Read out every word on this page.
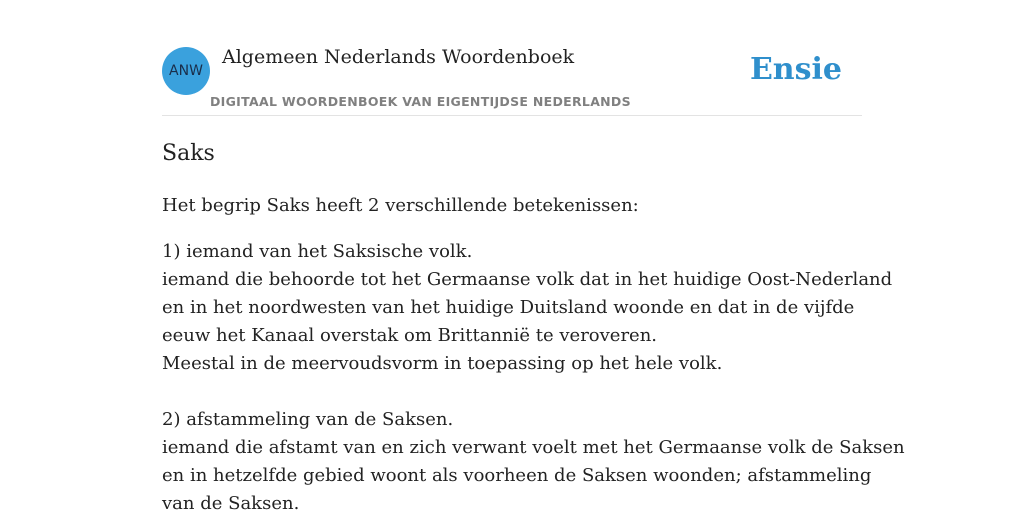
ANW
Algemeen Nederlands Woordenboek
DIGITAAL WOORDENBOEK VAN EIGENTIJDSE NEDERLANDS
Ensie
Saks
Het begrip Saks heeft 2 verschillende betekenissen:
1) iemand van het Saksische volk.
iemand die behoorde tot het Germaanse volk dat in het huidige Oost-Nederland
en in het noordwesten van het huidige Duitsland woonde en dat in de vijfde
eeuw het Kanaal overstak om Brittannië te veroveren.
Meestal in de meervoudsvorm in toepassing op het hele volk.
2) afstammeling van de Saksen.
iemand die afstamt van en zich verwant voelt met het Germaanse volk de Saksen
en in hetzelfde gebied woont als voorheen de Saksen woonden; afstammeling
van de Saksen.
